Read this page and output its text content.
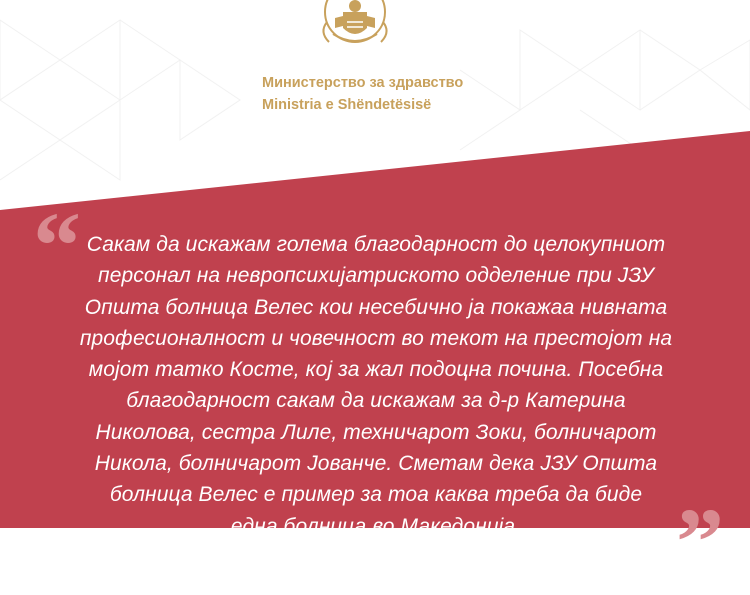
Министерство за здравство
Ministria e Shëndetësisë
“ Сакам да искажам голема благодарност до целокупниот
персонал на невропсихијатриското одделение при ЈЗУ
Општа болница Велес кои несебично ја покажаа нивната
професионалност и човечност во текот на престојот на
мојот татко Косте, кој за жал подоцна почина. Посебна
благодарност сакам да искажам за д-р Катерина
Николова, сестра Лиле, техничарот Зоки, болничарот
Никола, болничарот Јованче. Сметам дека ЈЗУ Општа
болница Велес е пример за тоа каква треба да биде
една болница во Македонија.	”
